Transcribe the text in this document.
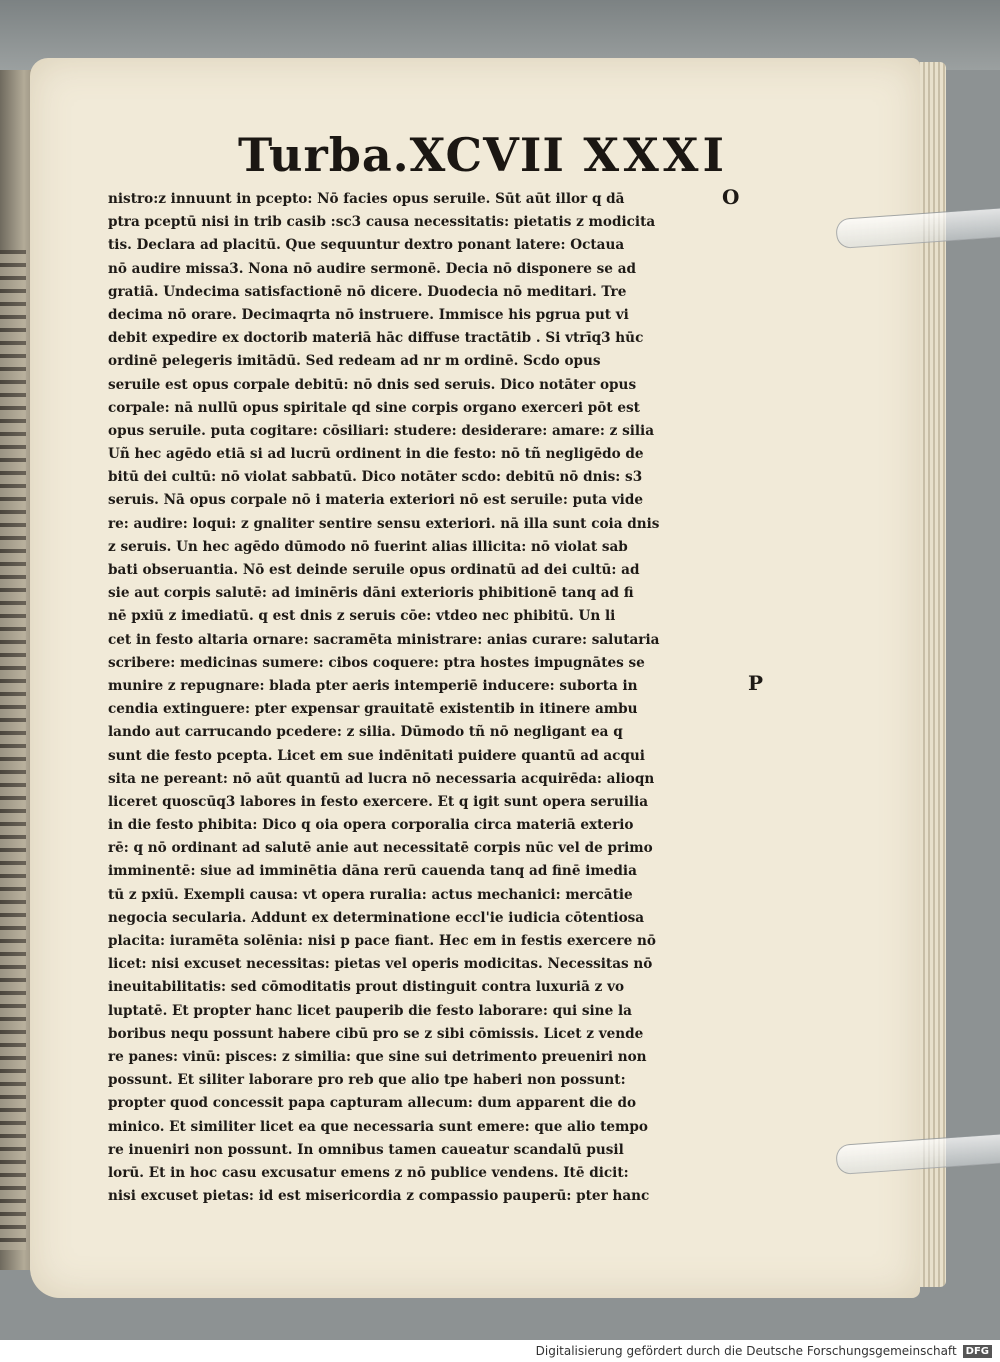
Turba.XCVII XXXI
nistro:z innuunt in pcepto: Nō facies opus seruile. Sūt aūt illor q dā
ptra pceptū nisi in trib casib :sc3 causa necessitatis: pietatis z modicita
tis. Declara ad placitū. Que sequuntur dextro ponant latere: Octaua
nō audire missa3. Nona nō audire sermonē. Decia nō disponere se ad
gratiā. Undecima satisfactionē nō dicere. Duodecia nō meditari. Tre
decima nō orare. Decimaqrta nō instruere. Immisce his pgrua put vi
debit expedire ex doctorib materiā hāc diffuse tractātib . Si vtrīq3 hūc
ordinē pelegeris imitādū. Sed redeam ad nr m ordinē. Scdo opus
seruile est opus corpale debitū: nō dnis sed seruis. Dico notāter opus
corpale: nā nullū opus spiritale qd sine corpis organo exerceri pōt est
opus seruile. puta cogitare: cōsiliari: studere: desiderare: amare: z silia
Uñ hec agēdo etiā si ad lucrū ordinent in die festo: nō tñ negligēdo de
bitū dei cultū: nō violat sabbatū. Dico notāter scdo: debitū nō dnis: s3
seruis. Nā opus corpale nō i materia exteriori nō est seruile: puta vide
re: audire: loqui: z gnaliter sentire sensu exteriori. nā illa sunt coia dnis
z seruis. Un hec agēdo dūmodo nō fuerint alias illicita: nō violat sab
bati obseruantia. Nō est deinde seruile opus ordinatū ad dei cultū: ad
sie aut corpis salutē: ad iminēris dāni exterioris phibitionē tanq ad fi
nē pxiū z imediatū. q est dnis z seruis cōe: vtdeo nec phibitū. Un li
cet in festo altaria ornare: sacramēta ministrare: anias curare: salutaria
scribere: medicinas sumere: cibos coquere: ptra hostes impugnātes se
munire z repugnare: blada pter aeris intemperiē inducere: suborta in
cendia extinguere: pter expensar grauitatē existentib in itinere ambu
lando aut carrucando pcedere: z silia. Dūmodo tñ nō negligant ea q
sunt die festo pcepta. Licet em sue indēnitati puidere quantū ad acqui
sita ne pereant: nō aūt quantū ad lucra nō necessaria acquirēda: alioqn
liceret quoscūq3 labores in festo exercere. Et q igit sunt opera seruilia
in die festo phibita: Dico q oia opera corporalia circa materiā exterio
rē: q nō ordinant ad salutē anie aut necessitatē corpis nūc vel de primo
imminentē: siue ad imminētia dāna rerū cauenda tanq ad finē imedia
tū z pxiū. Exempli causa: vt opera ruralia: actus mechanici: mercātie
negocia secularia. Addunt ex determinatione eccl'ie iudicia cōtentiosa
placita: iuramēta solēnia: nisi p pace fiant. Hec em in festis exercere nō
licet: nisi excuset necessitas: pietas vel operis modicitas. Necessitas nō
ineuitabilitatis: sed cōmoditatis prout distinguit contra luxuriā z vo
luptatē. Et propter hanc licet pauperib die festo laborare: qui sine la
boribus nequ possunt habere cibū pro se z sibi cōmissis. Licet z vende
re panes: vinū: pisces: z similia: que sine sui detrimento preueniri non
possunt. Et siliter laborare pro reb que alio tpe haberi non possunt:
propter quod concessit papa capturam allecum: dum apparent die do
minico. Et similiter licet ea que necessaria sunt emere: que alio tempo
re inueniri non possunt. In omnibus tamen caueatur scandalū pusil
lorū. Et in hoc casu excusatur emens z nō publice vendens. Itē dicit:
nisi excuset pietas: id est misericordia z compassio pauperū: pter hanc
O
P
Digitalisierung gefördert durch die Deutsche Forschungsgemeinschaft DFG
